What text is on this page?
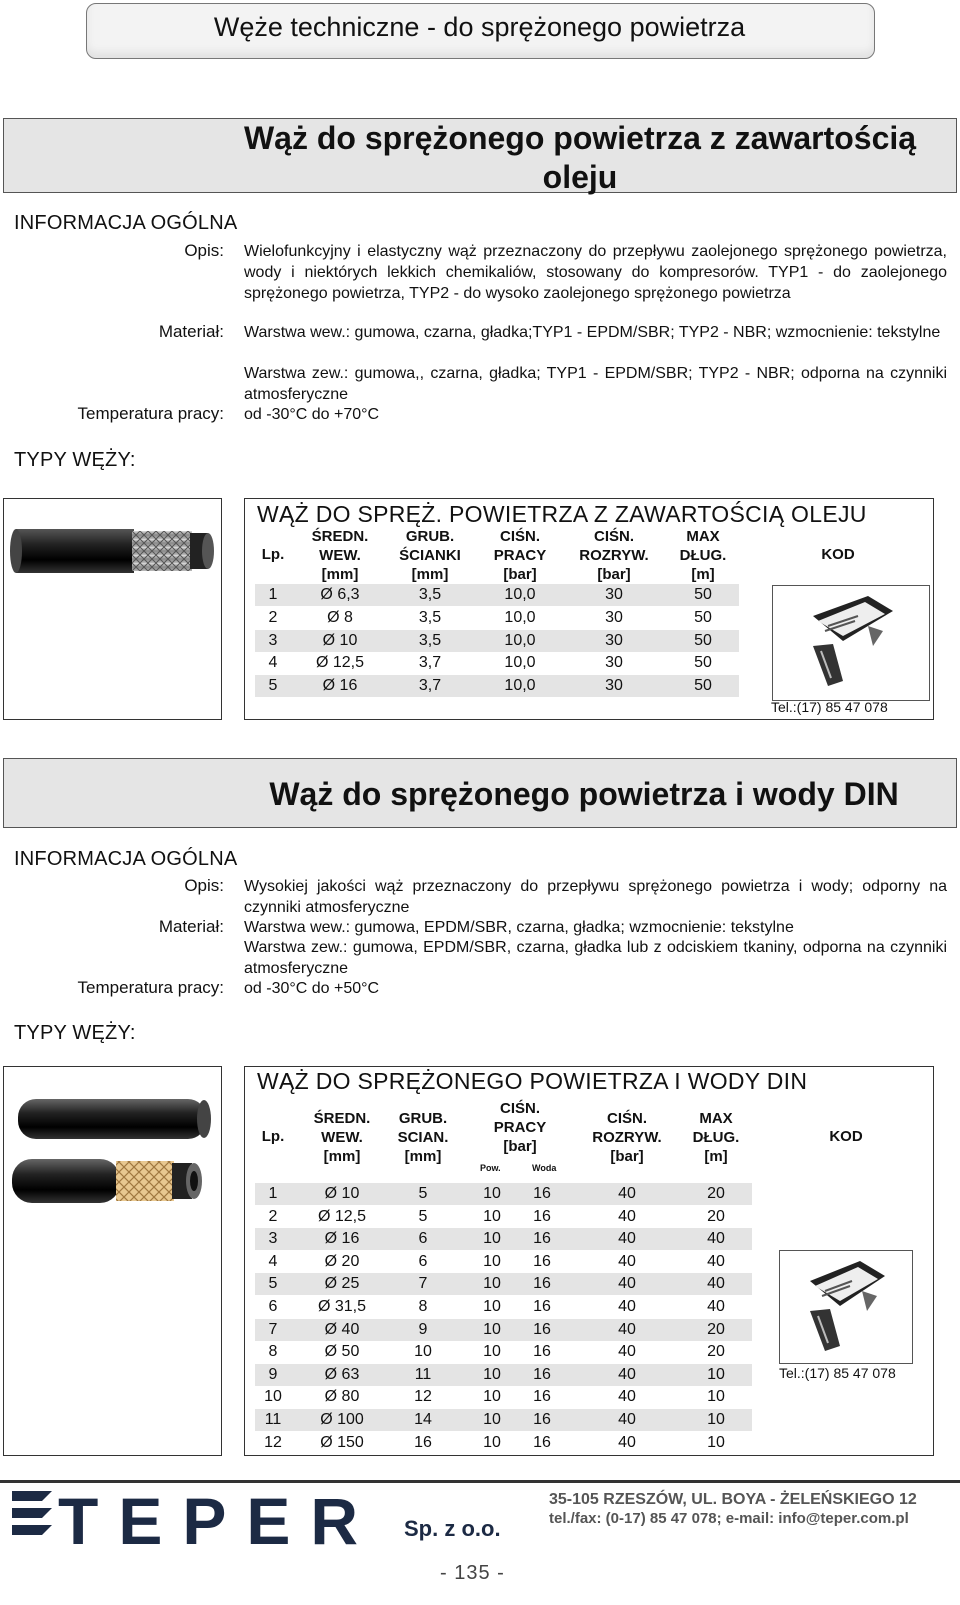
Węże techniczne - do sprężonego powietrza
Wąż do sprężonego powietrza z zawartością
oleju
INFORMACJA OGÓLNA
Opis: Wielofunkcyjny i elastyczny wąż przeznaczony do przepływu zaolejonego sprężonego powietrza, wody i niektórych lekkich chemikaliów, stosowany do kompresorów. TYP1 - do zaolejonego sprężonego powietrza, TYP2 - do wysoko zaolejonego sprężonego powietrza
Materiał: Warstwa wew.: gumowa, czarna, gładka;TYP1 - EPDM/SBR; TYP2 - NBR; wzmocnienie: tekstylne
Warstwa zew.: gumowa,, czarna, gładka; TYP1 - EPDM/SBR; TYP2 - NBR; odporna na czynniki atmosferyczne
Temperatura pracy: od -30°C do +70°C
TYPY WĘŻY:
WĄŻ DO SPRĘŻ. POWIETRZA Z ZAWARTOŚCIĄ OLEJU
Lp.
ŚREDN.
WEW.
[mm]
GRUB.
ŚCIANKI
[mm]
CIŚN.
PRACY
[bar]
CIŚN.
ROZRYW.
[bar]
MAX
DŁUG.
[m]
KOD
1	Ø 6,3	3,5	10,0	30	50
2	Ø 8	3,5	10,0	30	50
3	Ø 10	3,5	10,0	30	50
4	Ø 12,5	3,7	10,0	30	50
5	Ø 16	3,7	10,0	30	50
Tel.:(17) 85 47 078
Wąż do sprężonego powietrza i wody DIN
INFORMACJA OGÓLNA
Opis: Wysokiej jakości wąż przeznaczony do przepływu sprężonego powietrza i wody; odporny na czynniki atmosferyczne
Materiał: Warstwa wew.: gumowa, EPDM/SBR, czarna, gładka; wzmocnienie: tekstylne
Warstwa zew.: gumowa, EPDM/SBR, czarna, gładka lub z odciskiem tkaniny, odporna na czynniki atmosferyczne
Temperatura pracy: od -30°C do +50°C
TYPY WĘŻY:
WĄŻ DO SPRĘŻONEGO POWIETRZA I WODY DIN
Lp.
ŚREDN.
WEW.
[mm]
GRUB.
SCIAN.
[mm]
CIŚN.
PRACY
[bar]
Pow.	Woda
CIŚN.
ROZRYW.
[bar]
MAX
DŁUG.
[m]
KOD
1	Ø 10	5	10	16	40	20
2	Ø 12,5	5	10	16	40	20
3	Ø 16	6	10	16	40	40
4	Ø 20	6	10	16	40	40
5	Ø 25	7	10	16	40	40
6	Ø 31,5	8	10	16	40	40
7	Ø 40	9	10	16	40	20
8	Ø 50	10	10	16	40	20
9	Ø 63	11	10	16	40	10
10	Ø 80	12	10	16	40	10
11	Ø 100	14	10	16	40	10
12	Ø 150	16	10	16	40	10
Tel.:(17) 85 47 078
TEPER Sp. z o.o.
35-105 RZESZÓW, UL. BOYA - ŻELEŃSKIEGO 12
tel./fax: (0-17) 85 47 078; e-mail: info@teper.com.pl
- 135 -
